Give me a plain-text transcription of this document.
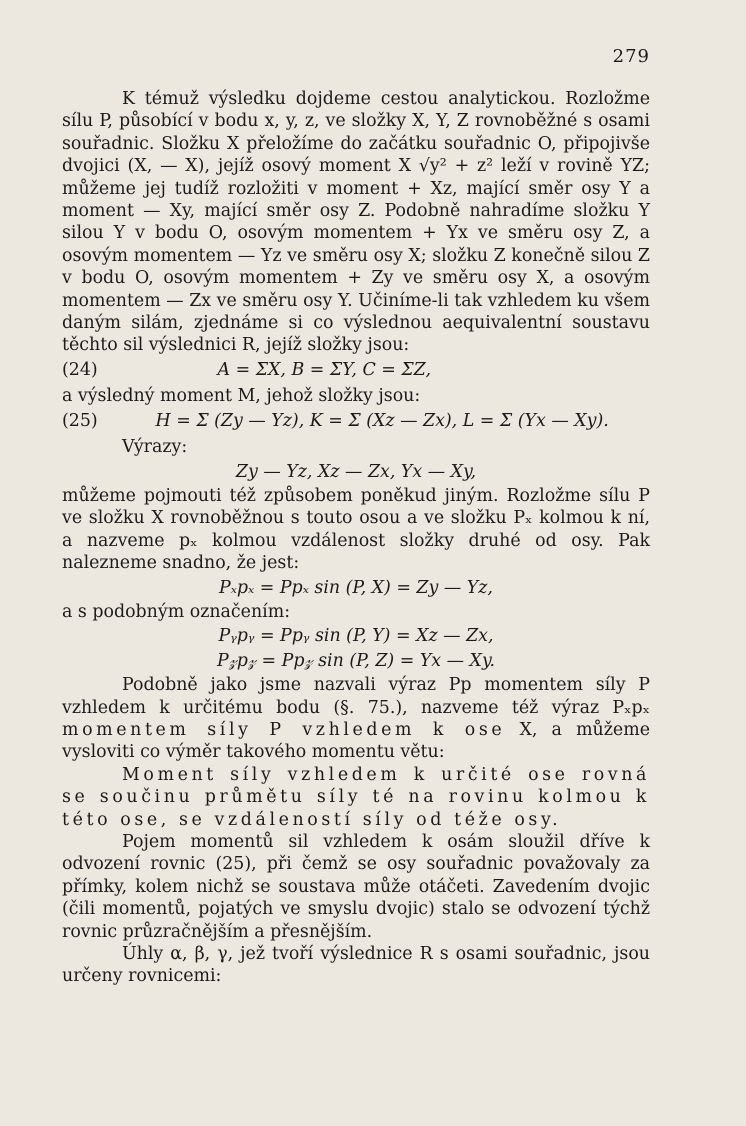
279

K témuž výsledku dojdeme cestou analytickou. Rozložme sílu P, působící v bodu x, y, z, ve složky X, Y, Z rovnoběžné s osami souřadnic. Složku X přeložíme do začátku souřadnic O, připojivše dvojici (X, — X), jejíž osový moment X √y² + z² leží v rovině YZ; můžeme jej tudíž rozložiti v moment + Xz, mající směr osy Y a moment — Xy, mající směr osy Z. Podobně nahradíme složku Y silou Y v bodu O, osovým momentem + Yx ve směru osy Z, a osovým momentem — Yz ve směru osy X; složku Z konečně silou Z v bodu O, osovým momentem + Zy ve směru osy X, a osovým momentem — Zx ve směru osy Y. Učiníme-li tak vzhledem ku všem daným silám, zjednáme si co výslednou aequivalentní soustavu těchto sil výslednici R, jejíž složky jsou:

(24)	A = ΣX, B = ΣY, C = ΣZ,

a výsledný moment M, jehož složky jsou:

(25)	H = Σ (Zy — Yz), K = Σ (Xz — Zx), L = Σ (Yx — Xy).

Výrazy:

Zy — Yz, Xz — Zx, Yx — Xy,

můžeme pojmouti též způsobem poněkud jiným. Rozložme sílu P ve složku X rovnoběžnou s touto osou a ve složku Pₓ kolmou k ní, a nazveme pₓ kolmou vzdálenost složky druhé od osy. Pak nalezneme snadno, že jest:

Pₓpₓ = Ppₓ sin (P, X) = Zy — Yz,

a s podobným označením:

Pᵧpᵧ = Ppᵧ sin (P, Y) = Xz — Zx,
P𝓏p𝓏 = Pp𝓏 sin (P, Z) = Yx — Xy.

Podobně jako jsme nazvali výraz Pp momentem síly P vzhledem k určitému bodu (§. 75.), nazveme též výraz Pₓpₓ momentem síly P vzhledem k ose X, a můžeme vysloviti co výměr takového momentu větu:

Moment síly vzhledem k určité ose rovná se součinu průmětu síly té na rovinu kolmou k této ose, se vzdáleností síly od téže osy.

Pojem momentů sil vzhledem k osám sloužil dříve k odvození rovnic (25), při čemž se osy souřadnic považovaly za přímky, kolem nichž se soustava může otáčeti. Zavedením dvojic (čili momentů, pojatých ve smyslu dvojic) stalo se odvození týchž rovnic průzračnějším a přesnějším.

Úhly α, β, γ, jež tvoří výslednice R s osami souřadnic, jsou určeny rovnicemi:
